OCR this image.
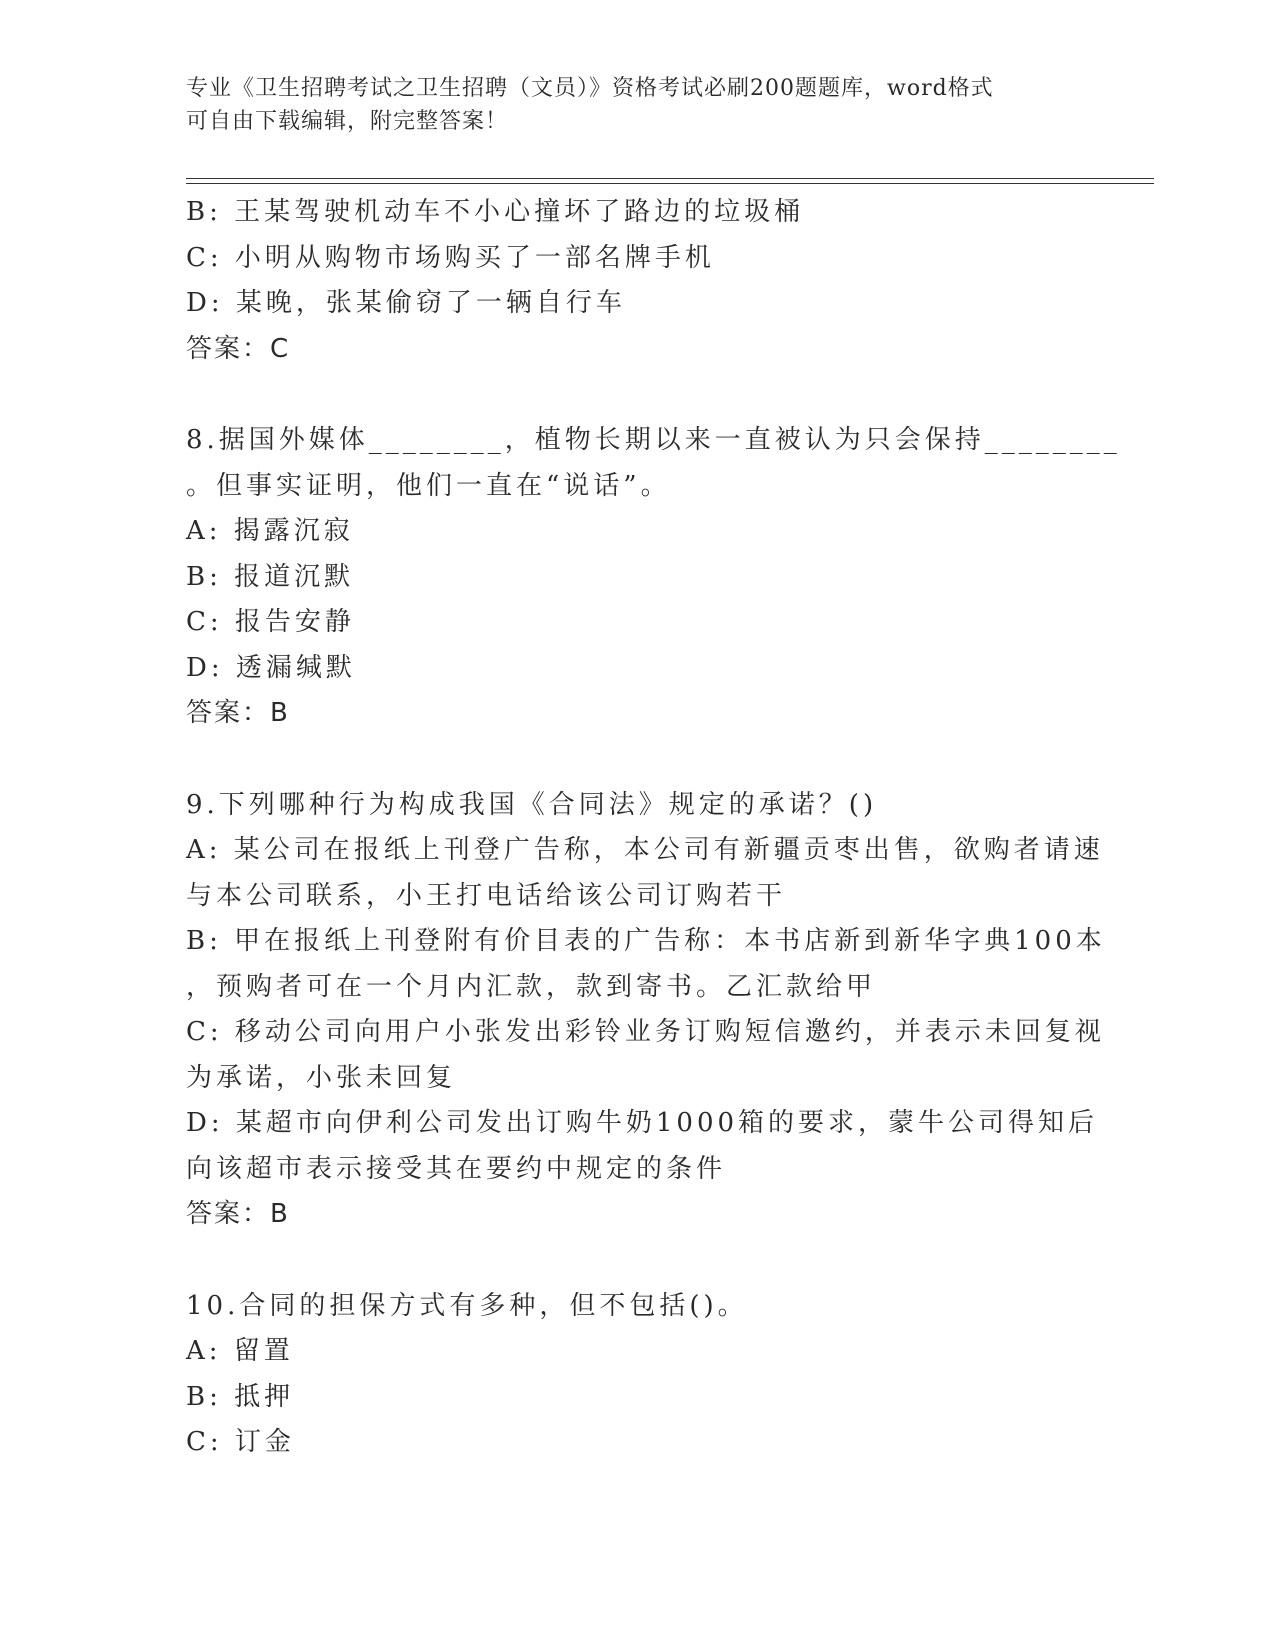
专业《卫生招聘考试之卫生招聘（文员）》资格考试必刷200题题库，word格式
可自由下载编辑，附完整答案！
B: 王某驾驶机动车不小心撞坏了路边的垃圾桶
C: 小明从购物市场购买了一部名牌手机
D: 某晚，张某偷窃了一辆自行车
答案：C
8.据国外媒体________，植物长期以来一直被认为只会保持________
。但事实证明，他们一直在“说话”。
A: 揭露沉寂
B: 报道沉默
C: 报告安静
D: 透漏缄默
答案：B
9.下列哪种行为构成我国《合同法》规定的承诺？()
A: 某公司在报纸上刊登广告称，本公司有新疆贡枣出售，欲购者请速
与本公司联系，小王打电话给该公司订购若干
B: 甲在报纸上刊登附有价目表的广告称：本书店新到新华字典100本
，预购者可在一个月内汇款，款到寄书。乙汇款给甲
C: 移动公司向用户小张发出彩铃业务订购短信邀约，并表示未回复视
为承诺，小张未回复
D: 某超市向伊利公司发出订购牛奶1000箱的要求，蒙牛公司得知后
向该超市表示接受其在要约中规定的条件
答案：B
10.合同的担保方式有多种，但不包括()。
A: 留置
B: 抵押
C: 订金
